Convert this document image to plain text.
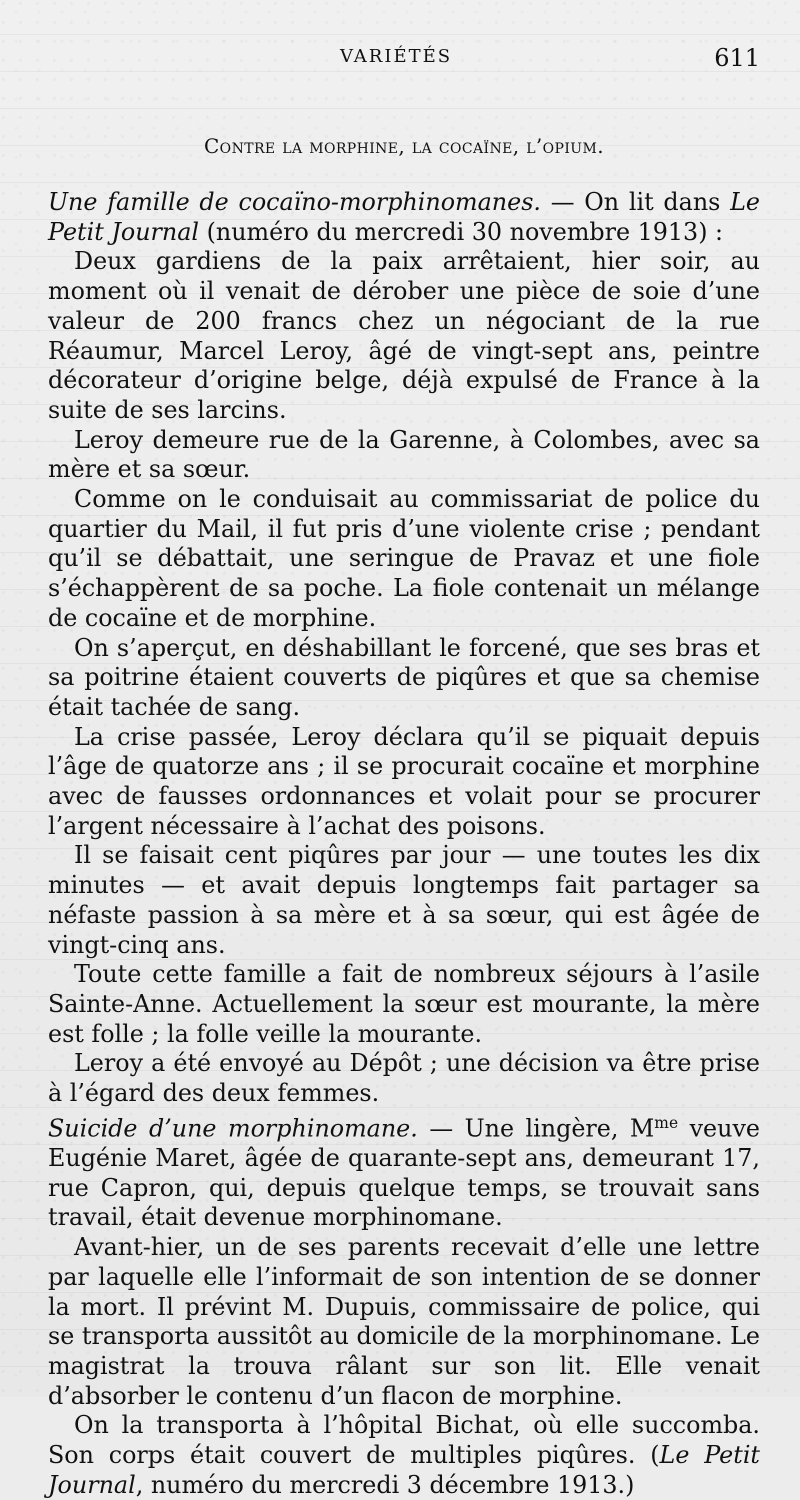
VARIÉTÉS	611
Contre la morphine, la cocaïne, l’opium.

Une famille de cocaïno-morphinomanes. — On lit dans Le Petit Journal (numéro du mercredi 30 novembre 1913) :

Deux gardiens de la paix arrêtaient, hier soir, au moment où il venait de dérober une pièce de soie d’une valeur de 200 francs chez un négociant de la rue Réaumur, Marcel Leroy, âgé de vingt-sept ans, peintre décorateur d’origine belge, déjà expulsé de France à la suite de ses larcins.

Leroy demeure rue de la Garenne, à Colombes, avec sa mère et sa sœur.

Comme on le conduisait au commissariat de police du quartier du Mail, il fut pris d’une violente crise ; pendant qu’il se débattait, une seringue de Pravaz et une fiole s’échappèrent de sa poche. La fiole contenait un mélange de cocaïne et de morphine.

On s’aperçut, en déshabillant le forcené, que ses bras et sa poitrine étaient couverts de piqûres et que sa chemise était tachée de sang.

La crise passée, Leroy déclara qu’il se piquait depuis l’âge de quatorze ans ; il se procurait cocaïne et morphine avec de fausses ordonnances et volait pour se procurer l’argent nécessaire à l’achat des poisons.

Il se faisait cent piqûres par jour — une toutes les dix minutes — et avait depuis longtemps fait partager sa néfaste passion à sa mère et à sa sœur, qui est âgée de vingt-cinq ans.

Toute cette famille a fait de nombreux séjours à l’asile Sainte-Anne. Actuellement la sœur est mourante, la mère est folle ; la folle veille la mourante.

Leroy a été envoyé au Dépôt ; une décision va être prise à l’égard des deux femmes.

Suicide d’une morphinomane. — Une lingère, $M^{me}$ veuve Eugénie Maret, âgée de quarante-sept ans, demeurant 17, rue Capron, qui, depuis quelque temps, se trouvait sans travail, était devenue morphinomane.

Avant-hier, un de ses parents recevait d’elle une lettre par laquelle elle l’informait de son intention de se donner la mort. Il prévint M. Dupuis, commissaire de police, qui se transporta aussitôt au domicile de la morphinomane. Le magistrat la trouva râlant sur son lit. Elle venait d’absorber le contenu d’un flacon de morphine.

On la transporta à l’hôpital Bichat, où elle succomba. Son corps était couvert de multiples piqûres. (Le Petit Journal, numéro du mercredi 3 décembre 1913.)
